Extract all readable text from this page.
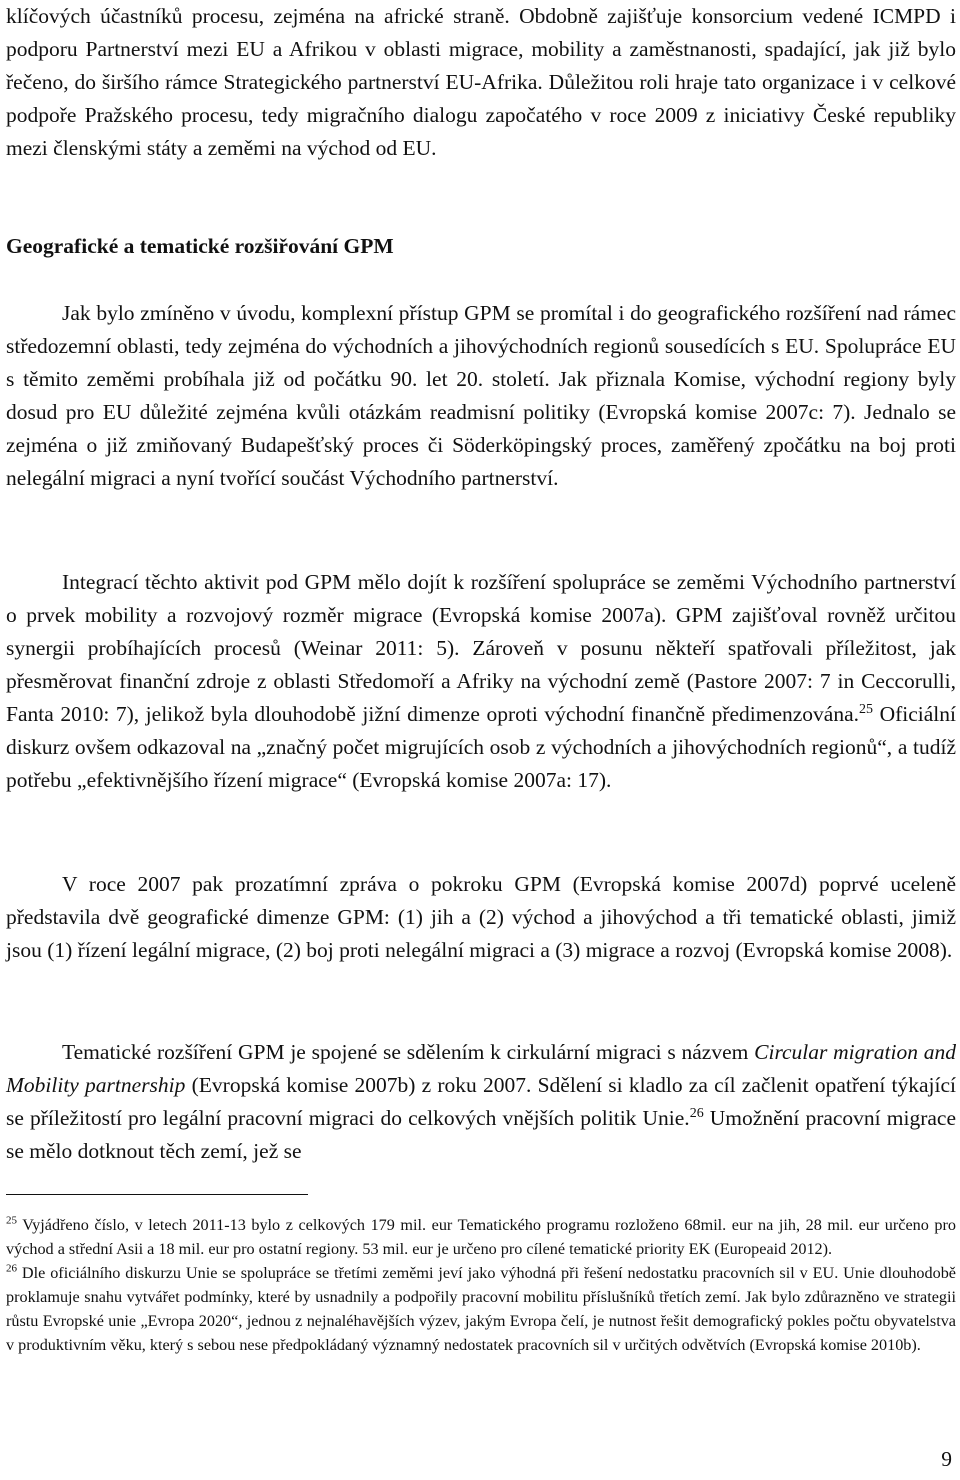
klíčových účastníků procesu, zejména na africké straně. Obdobně zajišťuje konsorcium vedené ICMPD i podporu Partnerství mezi EU a Afrikou v oblasti migrace, mobility a zaměstnanosti, spadající, jak již bylo řečeno, do širšího rámce Strategického partnerství EU-Afrika. Důležitou roli hraje tato organizace i v celkové podpoře Pražského procesu, tedy migračního dialogu započatého v roce 2009 z iniciativy České republiky mezi členskými státy a zeměmi na východ od EU.

Geografické a tematické rozšiřování GPM

Jak bylo zmíněno v úvodu, komplexní přístup GPM se promítal i do geografického rozšíření nad rámec středozemní oblasti, tedy zejména do východních a jihovýchodních regionů sousedících s EU. Spolupráce EU s těmito zeměmi probíhala již od počátku 90. let 20. století. Jak přiznala Komise, východní regiony byly dosud pro EU důležité zejména kvůli otázkám readmisní politiky (Evropská komise 2007c: 7). Jednalo se zejména o již zmiňovaný Budapešťský proces či Söderköpingský proces, zaměřený zpočátku na boj proti nelegální migraci a nyní tvořící součást Východního partnerství.

Integrací těchto aktivit pod GPM mělo dojít k rozšíření spolupráce se zeměmi Východního partnerství o prvek mobility a rozvojový rozměr migrace (Evropská komise 2007a). GPM zajišťoval rovněž určitou synergii probíhajících procesů (Weinar 2011: 5). Zároveň v posunu někteří spatřovali příležitost, jak přesměrovat finanční zdroje z oblasti Středomoří a Afriky na východní země (Pastore 2007: 7 in Ceccorulli, Fanta 2010: 7), jelikož byla dlouhodobě jižní dimenze oproti východní finančně předimenzována.$^{25}$ Oficiální diskurz ovšem odkazoval na „značný počet migrujících osob z východních a jihovýchodních regionů“, a tudíž potřebu „efektivnějšího řízení migrace“ (Evropská komise 2007a: 17).

V roce 2007 pak prozatímní zpráva o pokroku GPM (Evropská komise 2007d) poprvé uceleně představila dvě geografické dimenze GPM: (1) jih a (2) východ a jihovýchod a tři tematické oblasti, jimiž jsou (1) řízení legální migrace, (2) boj proti nelegální migraci a (3) migrace a rozvoj (Evropská komise 2008).

Tematické rozšíření GPM je spojené se sdělením k cirkulární migraci s názvem Circular migration and Mobility partnership (Evropská komise 2007b) z roku 2007. Sdělení si kladlo za cíl začlenit opatření týkající se příležitostí pro legální pracovní migraci do celkových vnějších politik Unie.$^{26}$ Umožnění pracovní migrace se mělo dotknout těch zemí, jež se

$^{25}$ Vyjádřeno číslo, v letech 2011-13 bylo z celkových 179 mil. eur Tematického programu rozloženo 68mil. eur na jih, 28 mil. eur určeno pro východ a střední Asii a 18 mil. eur pro ostatní regiony. 53 mil. eur je určeno pro cílené tematické priority EK (Europeaid 2012).

$^{26}$ Dle oficiálního diskurzu Unie se spolupráce se třetími zeměmi jeví jako výhodná při řešení nedostatku pracovních sil v EU. Unie dlouhodobě proklamuje snahu vytvářet podmínky, které by usnadnily a podpořily pracovní mobilitu příslušníků třetích zemí. Jak bylo zdůrazněno ve strategii růstu Evropské unie „Evropa 2020“, jednou z nejnaléhavějších výzev, jakým Evropa čelí, je nutnost řešit demografický pokles počtu obyvatelstva v produktivním věku, který s sebou nese předpokládaný významný nedostatek pracovních sil v určitých odvětvích (Evropská komise 2010b).

9
